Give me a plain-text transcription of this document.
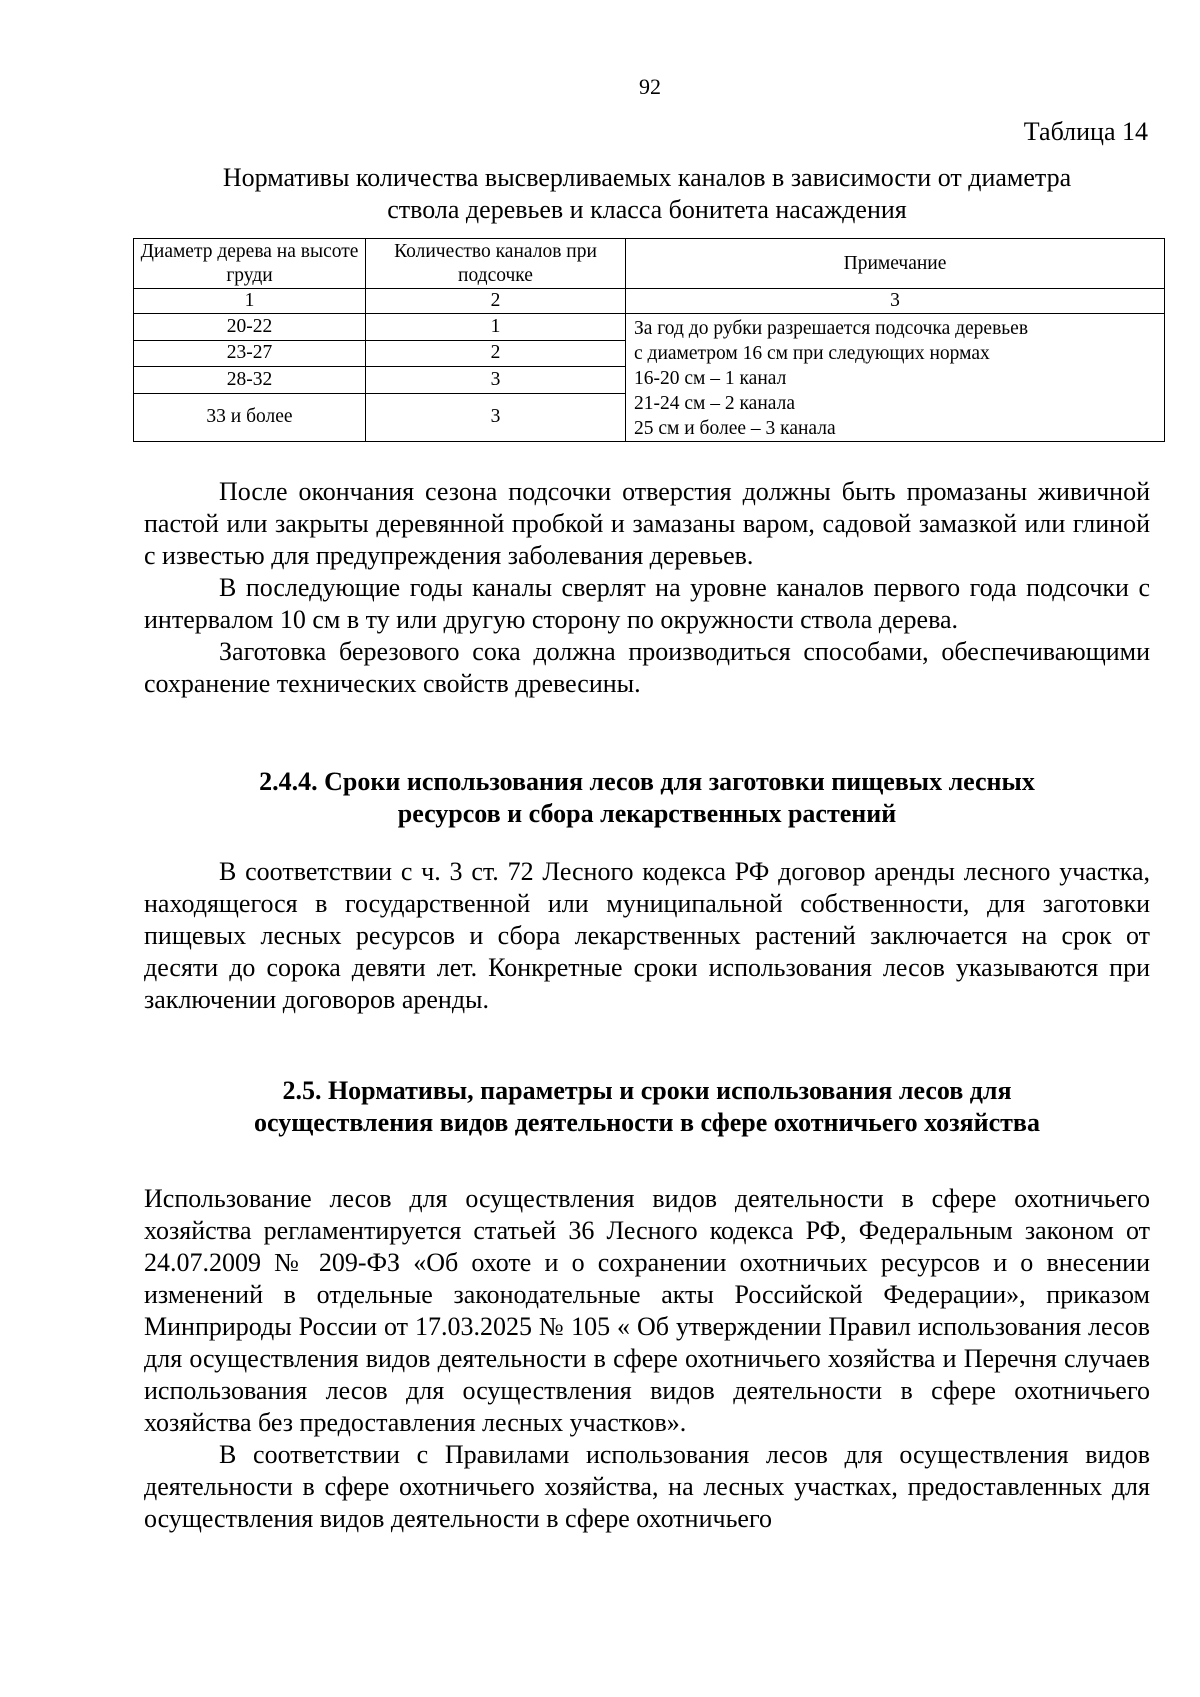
92
Таблица 14
Нормативы количества высверливаемых каналов в зависимости от диаметра
ствола деревьев и класса бонитета насаждения
Диаметр дерева на высоте груди	Количество каналов при подсочке	Примечание
1	2	3
20-22	1	За год до рубки разрешается подсочка деревьев
с диаметром 16 см при следующих нормах
16-20 см – 1 канал
21-24 см – 2 канала
25 см и более – 3 канала

23-27	2	
28-32	3	
33 и более	3	

После окончания сезона подсочки отверстия должны быть промазаны живичной пастой или закрыты деревянной пробкой и замазаны варом, садовой замазкой или глиной с известью для предупреждения заболевания деревьев.

В последующие годы каналы сверлят на уровне каналов первого года подсочки с интервалом 10 см в ту или другую сторону по окружности ствола дерева.

Заготовка березового сока должна производиться способами, обеспечивающими сохранение технических свойств древесины.

2.4.4. Сроки использования лесов для заготовки пищевых лесных
ресурсов и сбора лекарственных растений

В соответствии с ч. 3 ст. 72 Лесного кодекса РФ договор аренды лесного участка, находящегося в государственной или муниципальной собственности, для заготовки пищевых лесных ресурсов и сбора лекарственных растений заключается на срок от десяти до сорока девяти лет. Конкретные сроки использования лесов указываются при заключении договоров аренды.

2.5. Нормативы, параметры и сроки использования лесов для
осуществления видов деятельности в сфере охотничьего хозяйства

Использование лесов для осуществления видов деятельности в сфере охотничьего хозяйства регламентируется статьей 36 Лесного кодекса РФ, Федеральным законом от 24.07.2009 № 209-ФЗ «Об охоте и о сохранении охотничьих ресурсов и о внесении изменений в отдельные законодательные акты Российской Федерации», приказом Минприроды России от 17.03.2025 № 105 « Об утверждении Правил использования лесов для осуществления видов деятельности в сфере охотничьего хозяйства и Перечня случаев использования лесов для осуществления видов деятельности в сфере охотничьего хозяйства без предоставления лесных участков».

В соответствии с Правилами использования лесов для осуществления видов деятельности в сфере охотничьего хозяйства, на лесных участках, предоставленных для осуществления видов деятельности в сфере охотничьего
